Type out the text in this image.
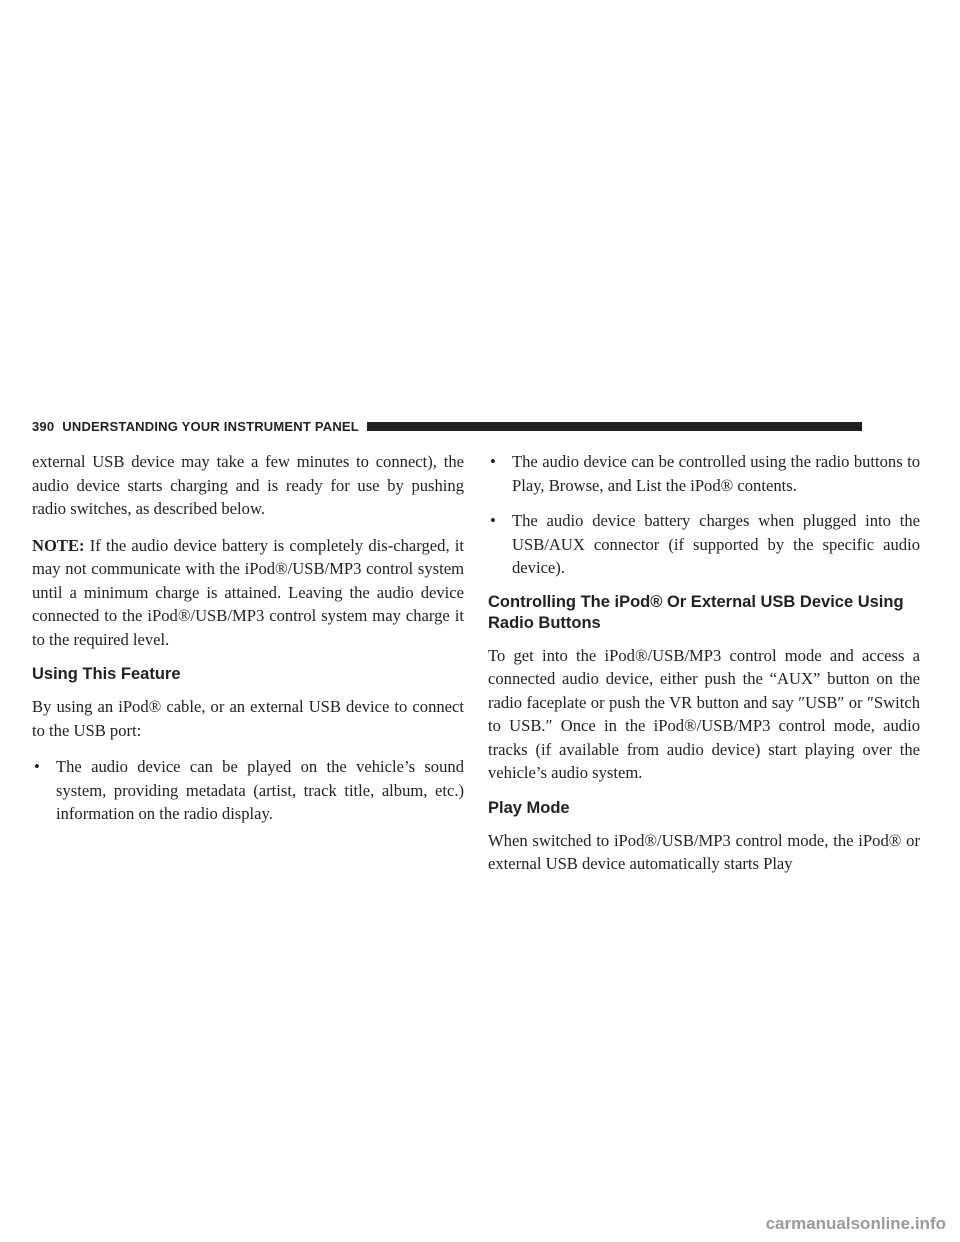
390 UNDERSTANDING YOUR INSTRUMENT PANEL

external USB device may take a few minutes to connect), the audio device starts charging and is ready for use by pushing radio switches, as described below.

NOTE: If the audio device battery is completely dis-charged, it may not communicate with the iPod®/USB/MP3 control system until a minimum charge is attained. Leaving the audio device connected to the iPod®/USB/MP3 control system may charge it to the required level.

Using This Feature

By using an iPod® cable, or an external USB device to connect to the USB port:

• The audio device can be played on the vehicle’s sound system, providing metadata (artist, track title, album, etc.) information on the radio display.
• The audio device can be controlled using the radio buttons to Play, Browse, and List the iPod® contents.
• The audio device battery charges when plugged into the USB/AUX connector (if supported by the specific audio device).
Controlling The iPod® Or External USB Device Using Radio Buttons

To get into the iPod®/USB/MP3 control mode and access a connected audio device, either push the “AUX” button on the radio faceplate or push the VR button and say ″USB″ or ″Switch to USB.″ Once in the iPod®/USB/MP3 control mode, audio tracks (if available from audio device) start playing over the vehicle’s audio system.

Play Mode

When switched to iPod®/USB/MP3 control mode, the iPod® or external USB device automatically starts Play

carmanualsonline.info
